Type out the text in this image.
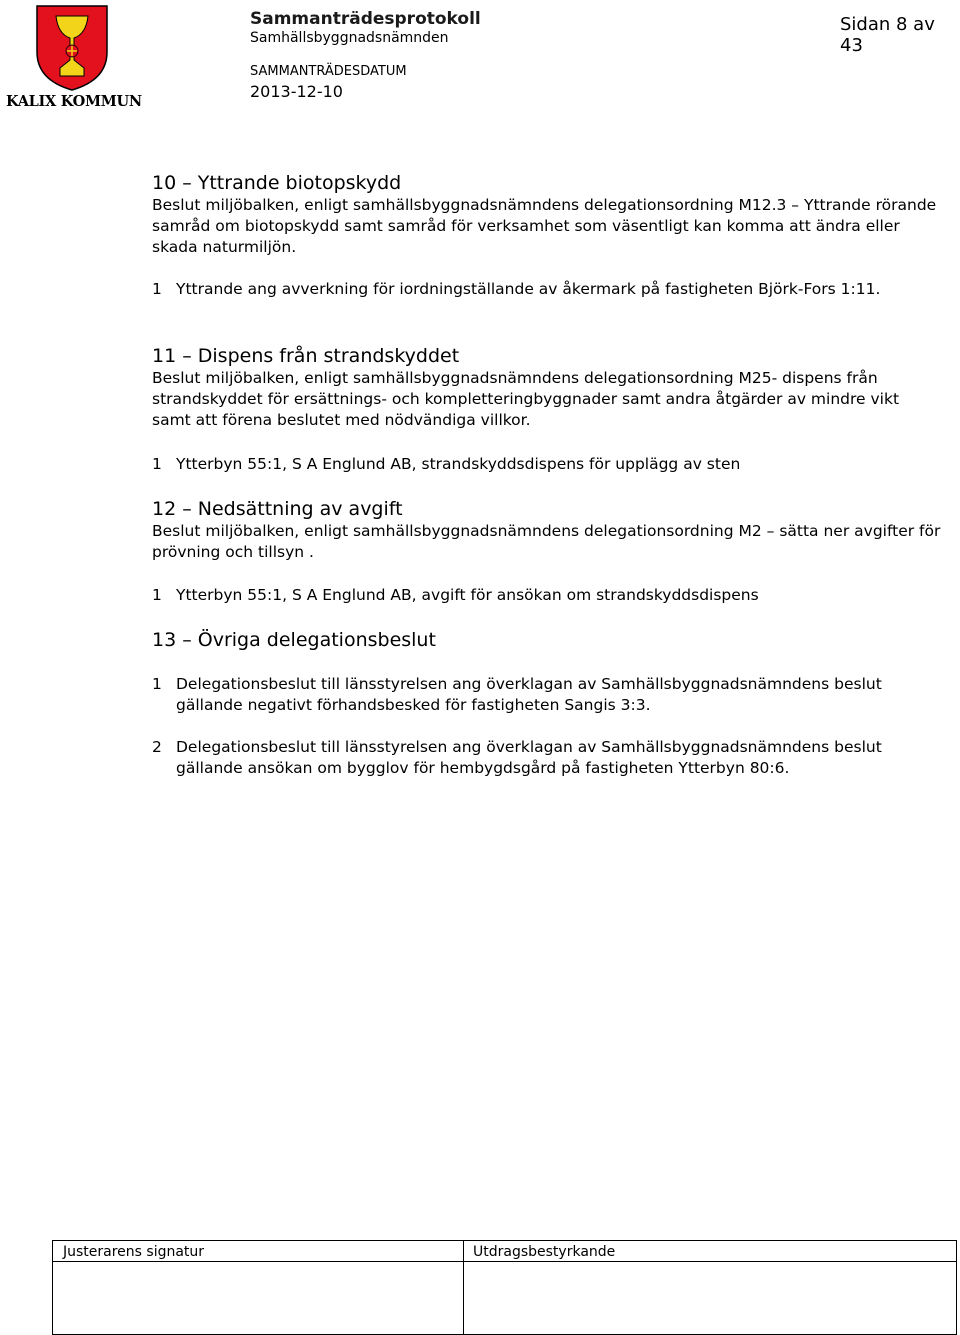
KALIX KOMMUN
Sammanträdesprotokoll
Samhällsbyggnadsnämnden
Sidan 8 av 43
SAMMANTRÄDESDATUM
2013-12-10
10 – Yttrande biotopskydd

Beslut miljöbalken, enligt samhällsbyggnadsnämndens delegationsordning M12.3 – Yttrande rörande samråd om biotopskydd samt samråd för verksamhet som väsentligt kan komma att ändra eller skada naturmiljön.

1 Yttrande ang avverkning för iordningställande av åkermark på fastigheten Björk-Fors 1:11.
11 – Dispens från strandskyddet

Beslut miljöbalken, enligt samhällsbyggnadsnämndens delegationsordning M25- dispens från strandskyddet för ersättnings- och kompletteringbyggnader samt andra åtgärder av mindre vikt samt att förena beslutet med nödvändiga villkor.

1 Ytterbyn 55:1, S A Englund AB, strandskyddsdispens för upplägg av sten
12 – Nedsättning av avgift

Beslut miljöbalken, enligt samhällsbyggnadsnämndens delegationsordning M2 – sätta ner avgifter för prövning och tillsyn .

1 Ytterbyn 55:1, S A Englund AB, avgift för ansökan om strandskyddsdispens
13 – Övriga delegationsbeslut
1 Delegationsbeslut till länsstyrelsen ang överklagan av Samhällsbyggnadsnämndens beslut gällande negativt förhandsbesked för fastigheten Sangis 3:3.
2 Delegationsbeslut till länsstyrelsen ang överklagan av Samhällsbyggnadsnämndens beslut gällande ansökan om bygglov för hembygdsgård på fastigheten Ytterbyn 80:6.
Justerarens signatur	Utdragsbestyrkande
